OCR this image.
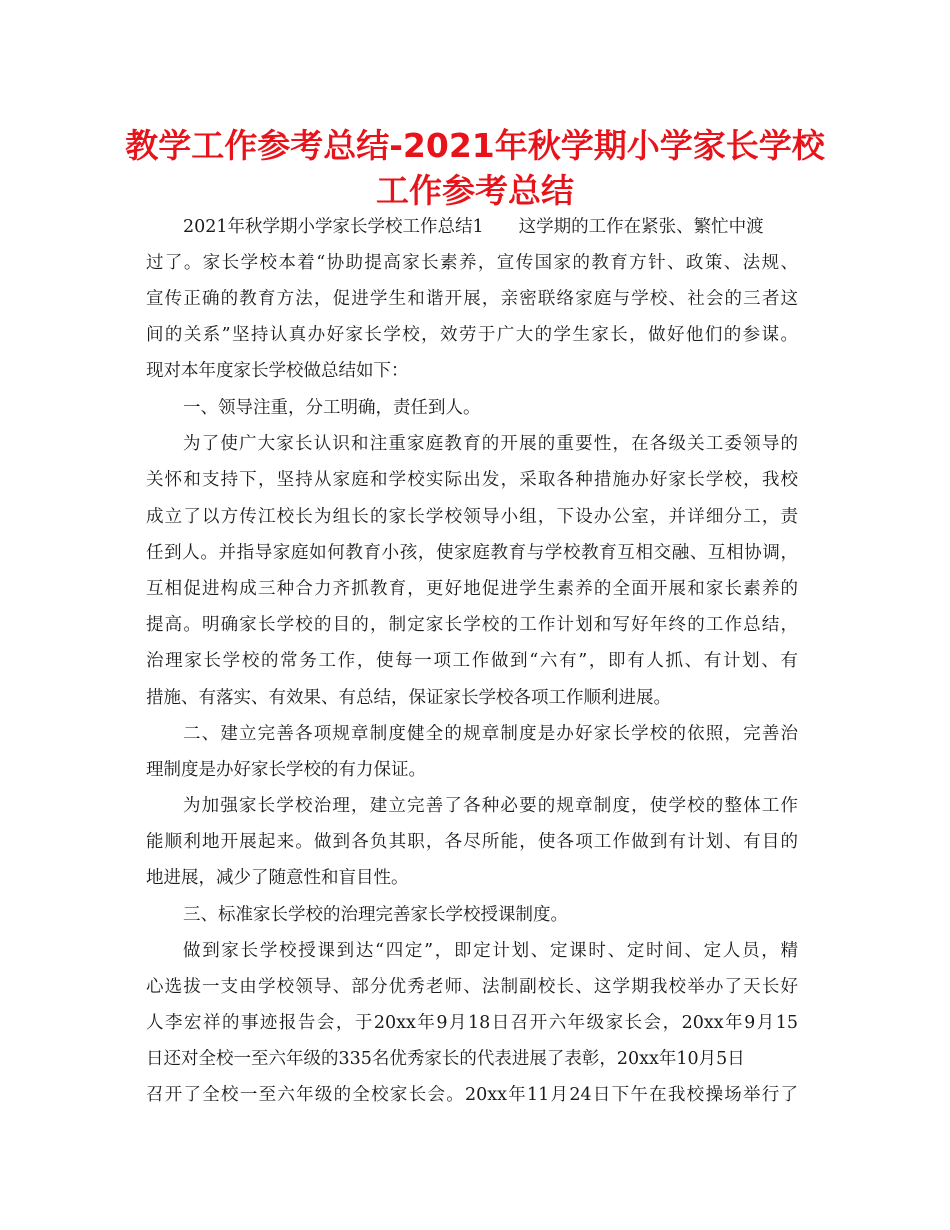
教学工作参考总结-2021年秋学期小学家长学校
工作参考总结

2021年秋学期小学家长学校工作总结1　　这学期的工作在紧张、繁忙中渡

过了。家长学校本着“协助提高家长素养，宣传国家的教育方针、政策、法规、

宣传正确的教育方法，促进学生和谐开展，亲密联络家庭与学校、社会的三者这

间的关系”坚持认真办好家长学校，效劳于广大的学生家长，做好他们的参谋。

现对本年度家长学校做总结如下：

一、领导注重，分工明确，责任到人。

为了使广大家长认识和注重家庭教育的开展的重要性，在各级关工委领导的

关怀和支持下，坚持从家庭和学校实际出发，采取各种措施办好家长学校，我校

成立了以方传江校长为组长的家长学校领导小组，下设办公室，并详细分工，责

任到人。并指导家庭如何教育小孩，使家庭教育与学校教育互相交融、互相协调，

互相促进构成三种合力齐抓教育，更好地促进学生素养的全面开展和家长素养的

提高。明确家长学校的目的，制定家长学校的工作计划和写好年终的工作总结，

治理家长学校的常务工作，使每一项工作做到“六有”，即有人抓、有计划、有

措施、有落实、有效果、有总结，保证家长学校各项工作顺利进展。

二、建立完善各项规章制度健全的规章制度是办好家长学校的依照，完善治

理制度是办好家长学校的有力保证。

为加强家长学校治理，建立完善了各种必要的规章制度，使学校的整体工作

能顺利地开展起来。做到各负其职，各尽所能，使各项工作做到有计划、有目的

地进展，减少了随意性和盲目性。

三、标准家长学校的治理完善家长学校授课制度。

做到家长学校授课到达“四定”，即定计划、定课时、定时间、定人员，精

心选拔一支由学校领导、部分优秀老师、法制副校长、这学期我校举办了天长好

人李宏祥的事迹报告会，于20xx年9月18日召开六年级家长会，20xx年9月15

日还对全校一至六年级的335名优秀家长的代表进展了表彰，20xx年10月5日

召开了全校一至六年级的全校家长会。20xx年11月24日下午在我校操场举行了
